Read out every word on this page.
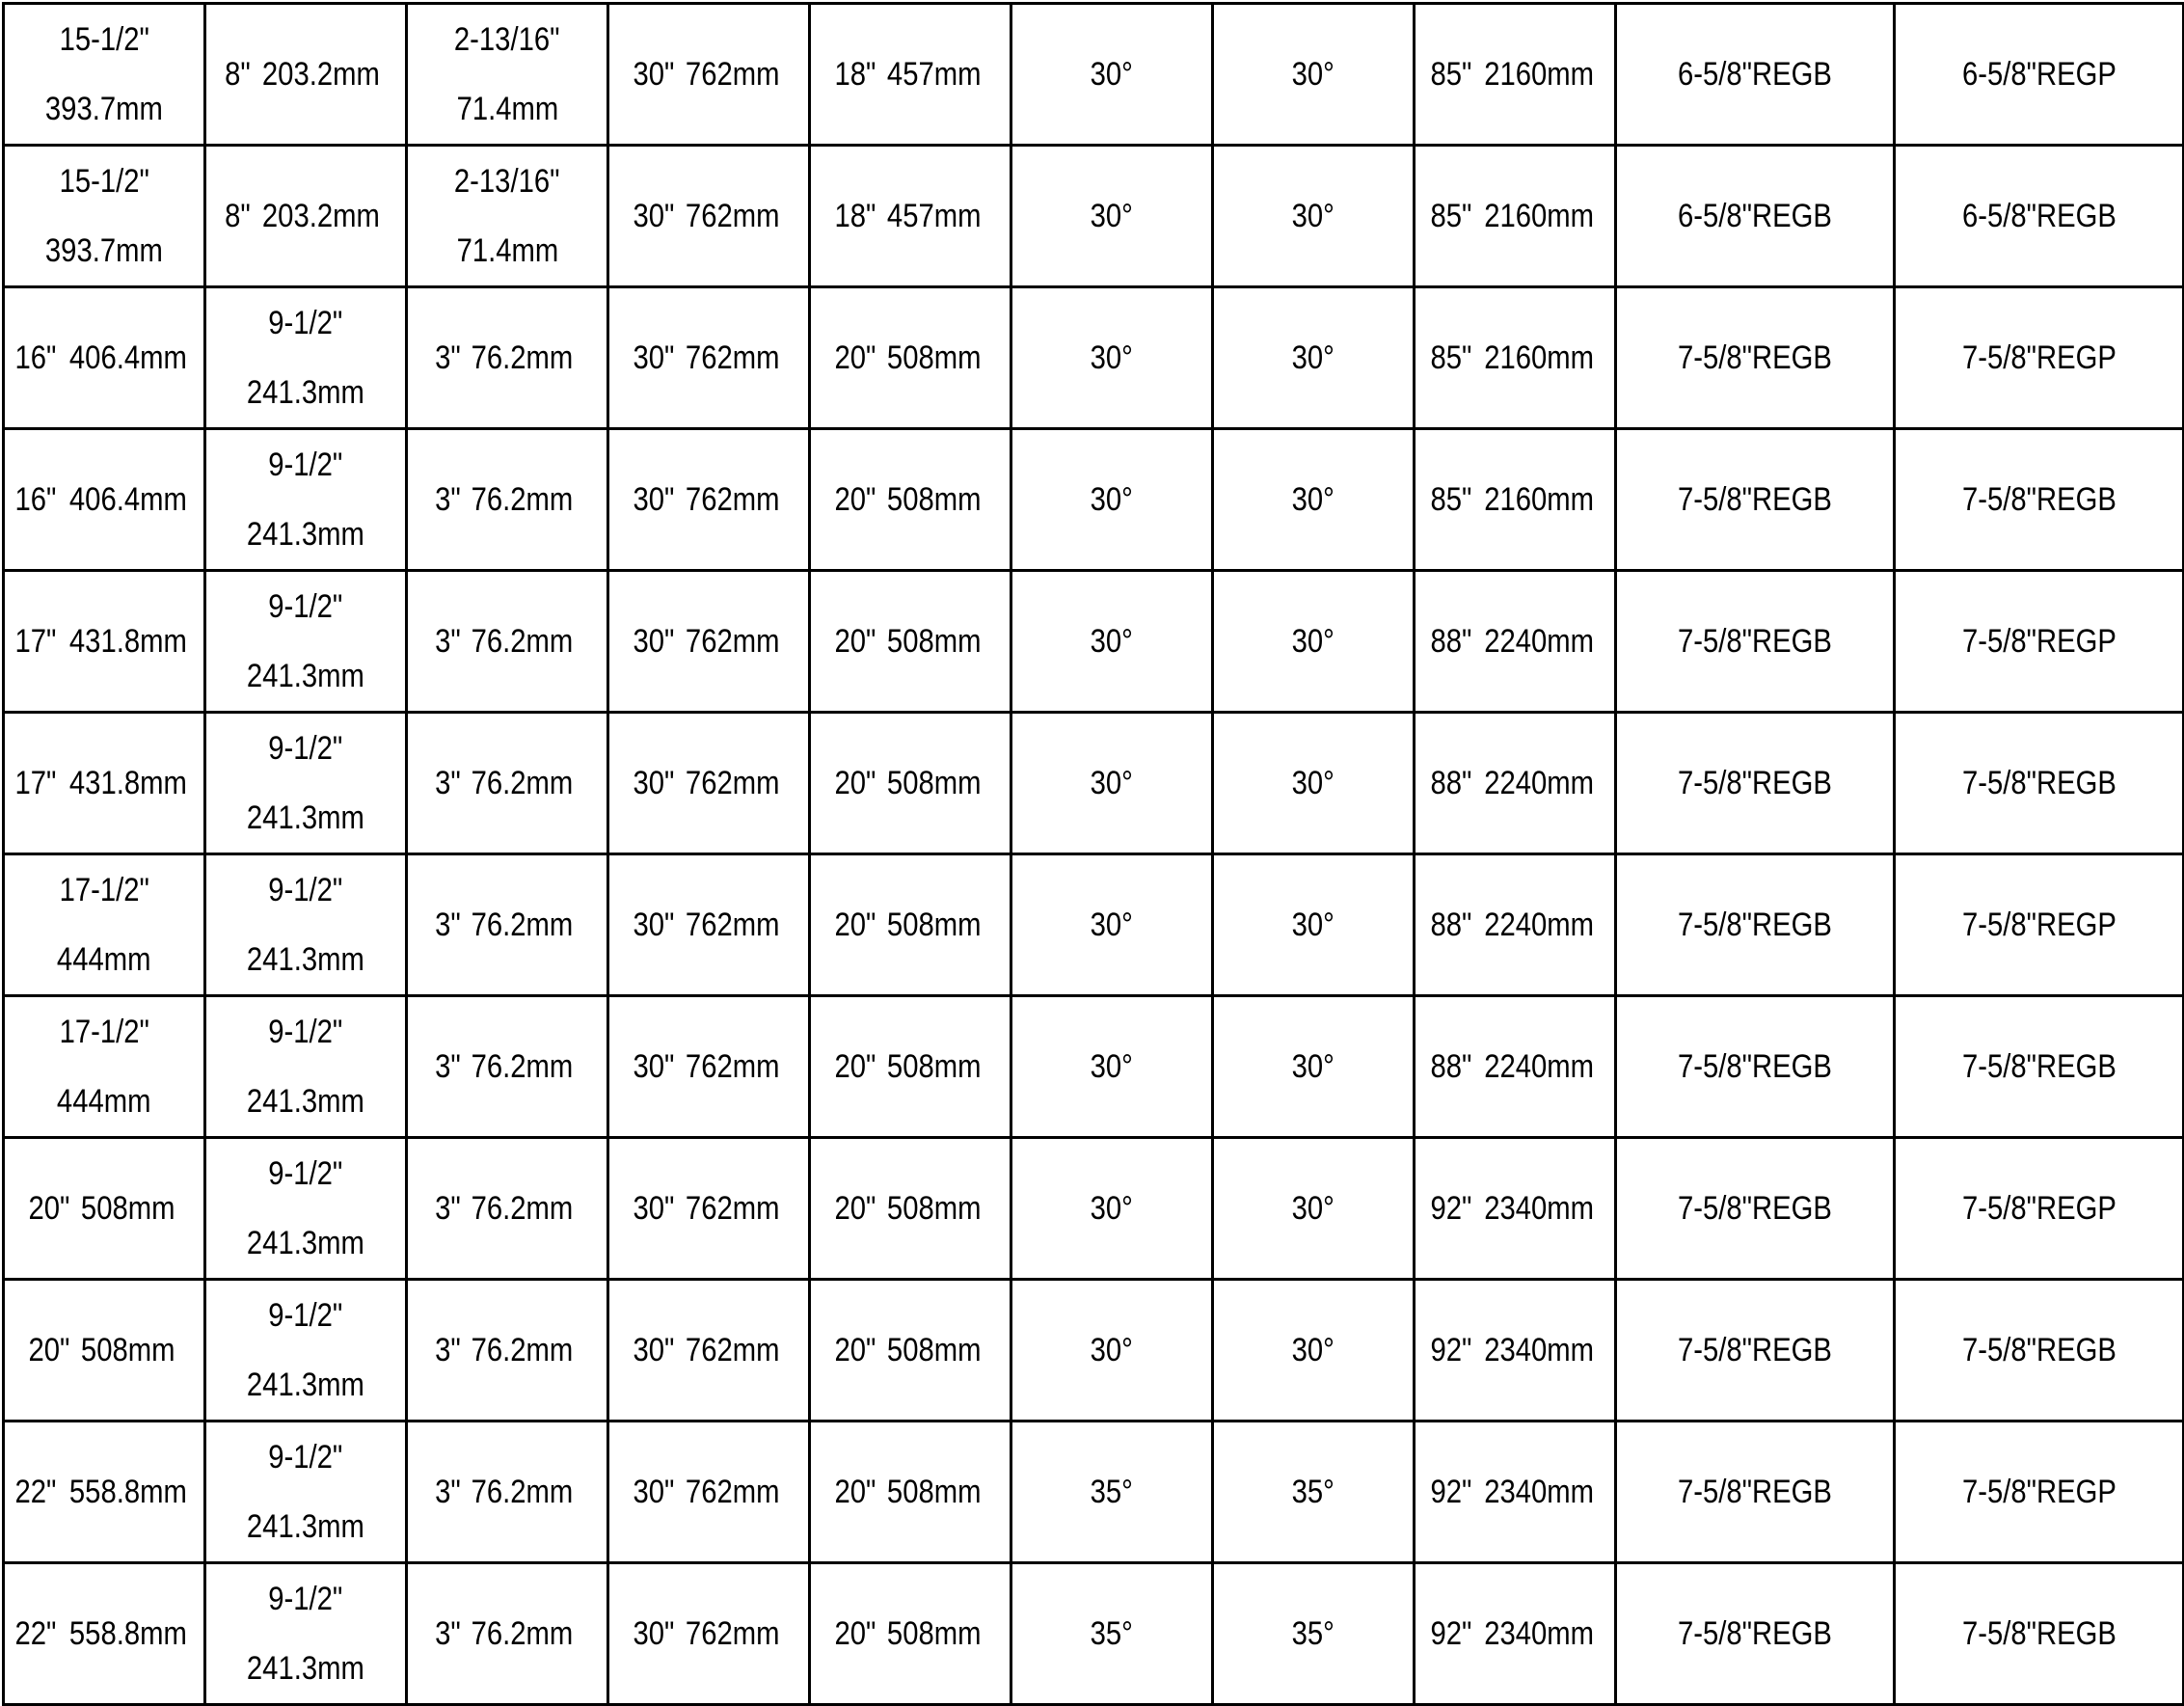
15-1/2"393.7mm	8" 203.2mm	2-13/16"71.4mm	30" 762mm	18" 457mm	30°	30°	85" 2160mm	6-5/8"REGB	6-5/8"REGP
15-1/2"393.7mm	8" 203.2mm	2-13/16"71.4mm	30" 762mm	18" 457mm	30°	30°	85" 2160mm	6-5/8"REGB	6-5/8"REGB
16" 406.4mm	9-1/2"241.3mm	3" 76.2mm	30" 762mm	20" 508mm	30°	30°	85" 2160mm	7-5/8"REGB	7-5/8"REGP
16" 406.4mm	9-1/2"241.3mm	3" 76.2mm	30" 762mm	20" 508mm	30°	30°	85" 2160mm	7-5/8"REGB	7-5/8"REGB
17" 431.8mm	9-1/2"241.3mm	3" 76.2mm	30" 762mm	20" 508mm	30°	30°	88" 2240mm	7-5/8"REGB	7-5/8"REGP
17" 431.8mm	9-1/2"241.3mm	3" 76.2mm	30" 762mm	20" 508mm	30°	30°	88" 2240mm	7-5/8"REGB	7-5/8"REGB
17-1/2"444mm	9-1/2"241.3mm	3" 76.2mm	30" 762mm	20" 508mm	30°	30°	88" 2240mm	7-5/8"REGB	7-5/8"REGP
17-1/2"444mm	9-1/2"241.3mm	3" 76.2mm	30" 762mm	20" 508mm	30°	30°	88" 2240mm	7-5/8"REGB	7-5/8"REGB
20" 508mm	9-1/2"241.3mm	3" 76.2mm	30" 762mm	20" 508mm	30°	30°	92" 2340mm	7-5/8"REGB	7-5/8"REGP
20" 508mm	9-1/2"241.3mm	3" 76.2mm	30" 762mm	20" 508mm	30°	30°	92" 2340mm	7-5/8"REGB	7-5/8"REGB
22" 558.8mm	9-1/2"241.3mm	3" 76.2mm	30" 762mm	20" 508mm	35°	35°	92" 2340mm	7-5/8"REGB	7-5/8"REGP
22" 558.8mm	9-1/2"241.3mm	3" 76.2mm	30" 762mm	20" 508mm	35°	35°	92" 2340mm	7-5/8"REGB	7-5/8"REGB
